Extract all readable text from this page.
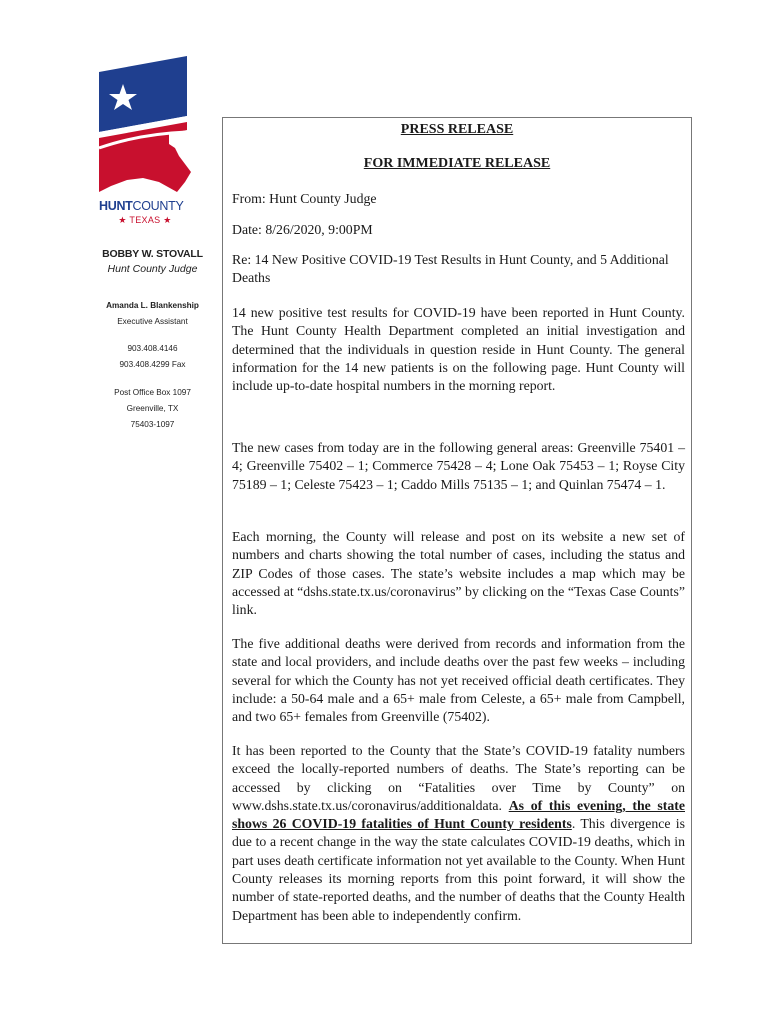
HUNTCOUNTY
★ TEXAS ★
BOBBY W. STOVALL
Hunt County Judge
Amanda L. Blankenship
Executive Assistant
903.408.4146
903.408.4299 Fax
Post Office Box 1097
Greenville, TX
75403-1097
PRESS RELEASE
FOR IMMEDIATE RELEASE
From: Hunt County Judge
Date: 8/26/2020, 9:00PM
Re: 14 New Positive COVID-19 Test Results in Hunt County, and 5 Additional Deaths

14 new positive test results for COVID-19 have been reported in Hunt County. The Hunt County Health Department completed an initial investigation and determined that the individuals in question reside in Hunt County. The general information for the 14 new patients is on the following page. Hunt County will include up-to-date hospital numbers in the morning report.

The new cases from today are in the following general areas: Greenville 75401 – 4; Greenville 75402 – 1; Commerce 75428 – 4; Lone Oak 75453 – 1; Royse City 75189 – 1; Celeste 75423 – 1; Caddo Mills 75135 – 1; and Quinlan 75474 – 1.

Each morning, the County will release and post on its website a new set of numbers and charts showing the total number of cases, including the status and ZIP Codes of those cases. The state’s website includes a map which may be accessed at “dshs.state.tx.us/coronavirus” by clicking on the “Texas Case Counts” link.

The five additional deaths were derived from records and information from the state and local providers, and include deaths over the past few weeks – including several for which the County has not yet received official death certificates. They include: a 50-64 male and a 65+ male from Celeste, a 65+ male from Campbell, and two 65+ females from Greenville (75402).

It has been reported to the County that the State’s COVID-19 fatality numbers exceed the locally-reported numbers of deaths. The State’s reporting can be accessed by clicking on “Fatalities over Time by County” on www.dshs.state.tx.us/coronavirus/additionaldata. As of this evening, the state shows 26 COVID-19 fatalities of Hunt County residents. This divergence is due to a recent change in the way the state calculates COVID-19 deaths, which in part uses death certificate information not yet available to the County. When Hunt County releases its morning reports from this point forward, it will show the number of state-reported deaths, and the number of deaths that the County Health Department has been able to independently confirm.
